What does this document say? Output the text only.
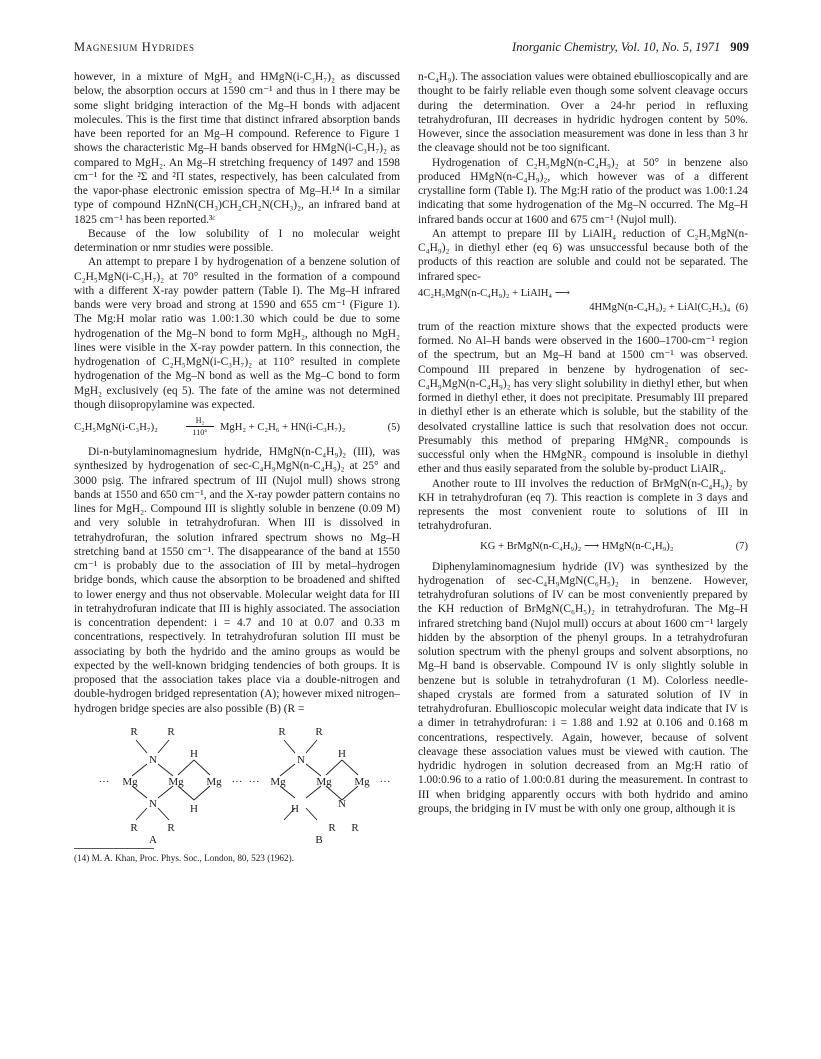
Magnesium Hydrides	Inorganic Chemistry, Vol. 10, No. 5, 1971 909

however, in a mixture of MgH₂ and HMgN(i-C₃H₇)₂ as discussed below, the absorption occurs at 1590 cm⁻¹ and thus in I there may be some slight bridging interaction of the Mg–H bonds with adjacent molecules. This is the first time that distinct infrared absorption bands have been reported for an Mg–H compound. Reference to Figure 1 shows the characteristic Mg–H bands observed for HMgN(i-C₃H₇)₂ as compared to MgH₂. An Mg–H stretching frequency of 1497 and 1598 cm⁻¹ for the ²Σ and ²Π states, respectively, has been calculated from the vapor-phase electronic emission spectra of Mg–H.¹⁴ In a similar type of compound HZnN(CH₃)CH₂CH₂N(CH₃)₂, an infrared band at 1825 cm⁻¹ has been reported.³ᶜ

Because of the low solubility of I no molecular weight determination or nmr studies were possible.

An attempt to prepare I by hydrogenation of a benzene solution of C₂H₅MgN(i-C₃H₇)₂ at 70° resulted in the formation of a compound with a different X-ray powder pattern (Table I). The Mg–H infrared bands were very broad and strong at 1590 and 655 cm⁻¹ (Figure 1). The Mg:H molar ratio was 1.00:1.30 which could be due to some hydrogenation of the Mg–N bond to form MgH₂, although no MgH₂ lines were visible in the X-ray powder pattern. In this connection, the hydrogenation of C₂H₅MgN(i-C₃H₇)₂ at 110° resulted in complete hydrogenation of the Mg–N bond as well as the Mg–C bond to form MgH₂ exclusively (eq 5). The fate of the amine was not determined though diisopropylamine was expected.

C₂H₅MgN(i-C₃H₇)₂
H₂
110°	MgH₂ + C₂H₆ + HN(i-C₃H₇)₂	(5)

Di-n-butylaminomagnesium hydride, HMgN(n-C₄H₉)₂ (III), was synthesized by hydrogenation of sec-C₄H₉MgN(n-C₄H₉)₂ at 25° and 3000 psig. The infrared spectrum of III (Nujol mull) shows strong bands at 1550 and 650 cm⁻¹, and the X-ray powder pattern contains no lines for MgH₂. Compound III is slightly soluble in benzene (0.09 M) and very soluble in tetrahydrofuran. When III is dissolved in tetrahydrofuran, the solution infrared spectrum shows no Mg–H stretching band at 1550 cm⁻¹. The disappearance of the band at 1550 cm⁻¹ is probably due to the association of III by metal–hydrogen bridge bonds, which cause the absorption to be broadened and shifted to lower energy and thus not observable. Molecular weight data for III in tetrahydrofuran indicate that III is highly associated. The association is concentration dependent: i = 4.7 and 10 at 0.07 and 0.33 m concentrations, respectively. In tetrahydrofuran solution III must be associating by both the hydrido and the amino groups as would be expected by the well-known bridging tendencies of both groups. It is proposed that the association takes place via a double-nitrogen and double-hydrogen bridged representation (A); however mixed nitrogen–hydrogen bridge species are also possible (B) (R =

R	R
N	H
··· Mg	Mg Mg ···
N	H
R	R
A
R	R
N	H
··· Mg	Mg Mg ···
H	N
R R
B

(14) M. A. Khan, Proc. Phys. Soc., London, 80, 523 (1962).

n-C₄H₉). The association values were obtained ebullioscopically and are thought to be fairly reliable even though some solvent cleavage occurs during the determination. Over a 24-hr period in refluxing tetrahydrofuran, III decreases in hydridic hydrogen content by 50%. However, since the association measurement was done in less than 3 hr the cleavage should not be too significant.

Hydrogenation of C₂H₅MgN(n-C₄H₉)₂ at 50° in benzene also produced HMgN(n-C₄H₉)₂, which however was of a different crystalline form (Table I). The Mg:H ratio of the product was 1.00:1.24 indicating that some hydrogenation of the Mg–N occurred. The Mg–H infrared bands occur at 1600 and 675 cm⁻¹ (Nujol mull).

An attempt to prepare III by LiAlH₄ reduction of C₂H₅MgN(n-C₄H₉)₂ in diethyl ether (eq 6) was unsuccessful because both of the products of this reaction are soluble and could not be separated. The infrared spec-

4C₂H₅MgN(n-C₄H₉)₂ + LiAlH₄ ⟶
4HMgN(n-C₄H₉)₂ + LiAl(C₂H₅)₄ (6)

trum of the reaction mixture shows that the expected products were formed. No Al–H bands were observed in the 1600–1700-cm⁻¹ region of the spectrum, but an Mg–H band at 1500 cm⁻¹ was observed. Compound III prepared in benzene by hydrogenation of sec-C₄H₉MgN(n-C₄H₉)₂ has very slight solubility in diethyl ether, but when formed in diethyl ether, it does not precipitate. Presumably III prepared in diethyl ether is an etherate which is soluble, but the stability of the desolvated crystalline lattice is such that resolvation does not occur. Presumably this method of preparing HMgNR₂ compounds is successful only when the HMgNR₂ compound is insoluble in diethyl ether and thus easily separated from the soluble by-product LiAlR₄.

Another route to III involves the reduction of BrMgN(n-C₄H₉)₂ by KH in tetrahydrofuran (eq 7). This reaction is complete in 3 days and represents the most convenient route to solutions of III in tetrahydrofuran.

KG + BrMgN(n-C₄H₉)₂ ⟶ HMgN(n-C₄H₉)₂	(7)

Diphenylaminomagnesium hydride (IV) was synthesized by the hydrogenation of sec-C₄H₉MgN(C₆H₅)₂ in benzene. However, tetrahydrofuran solutions of IV can be most conveniently prepared by the KH reduction of BrMgN(C₆H₅)₂ in tetrahydrofuran. The Mg–H infrared stretching band (Nujol mull) occurs at about 1600 cm⁻¹ largely hidden by the absorption of the phenyl groups. In a tetrahydrofuran solution spectrum with the phenyl groups and solvent absorptions, no Mg–H band is observable. Compound IV is only slightly soluble in benzene but is soluble in tetrahydrofuran (1 M). Colorless needle-shaped crystals are formed from a saturated solution of IV in tetrahydrofuran. Ebullioscopic molecular weight data indicate that IV is a dimer in tetrahydrofuran: i = 1.88 and 1.92 at 0.106 and 0.168 m concentrations, respectively. Again, however, because of solvent cleavage these association values must be viewed with caution. The hydridic hydrogen in solution decreased from an Mg:H ratio of 1.00:0.96 to a ratio of 1.00:0.81 during the measurement. In contrast to III when bridging apparently occurs with both hydrido and amino groups, the bridging in IV must be with only one group, although it is
